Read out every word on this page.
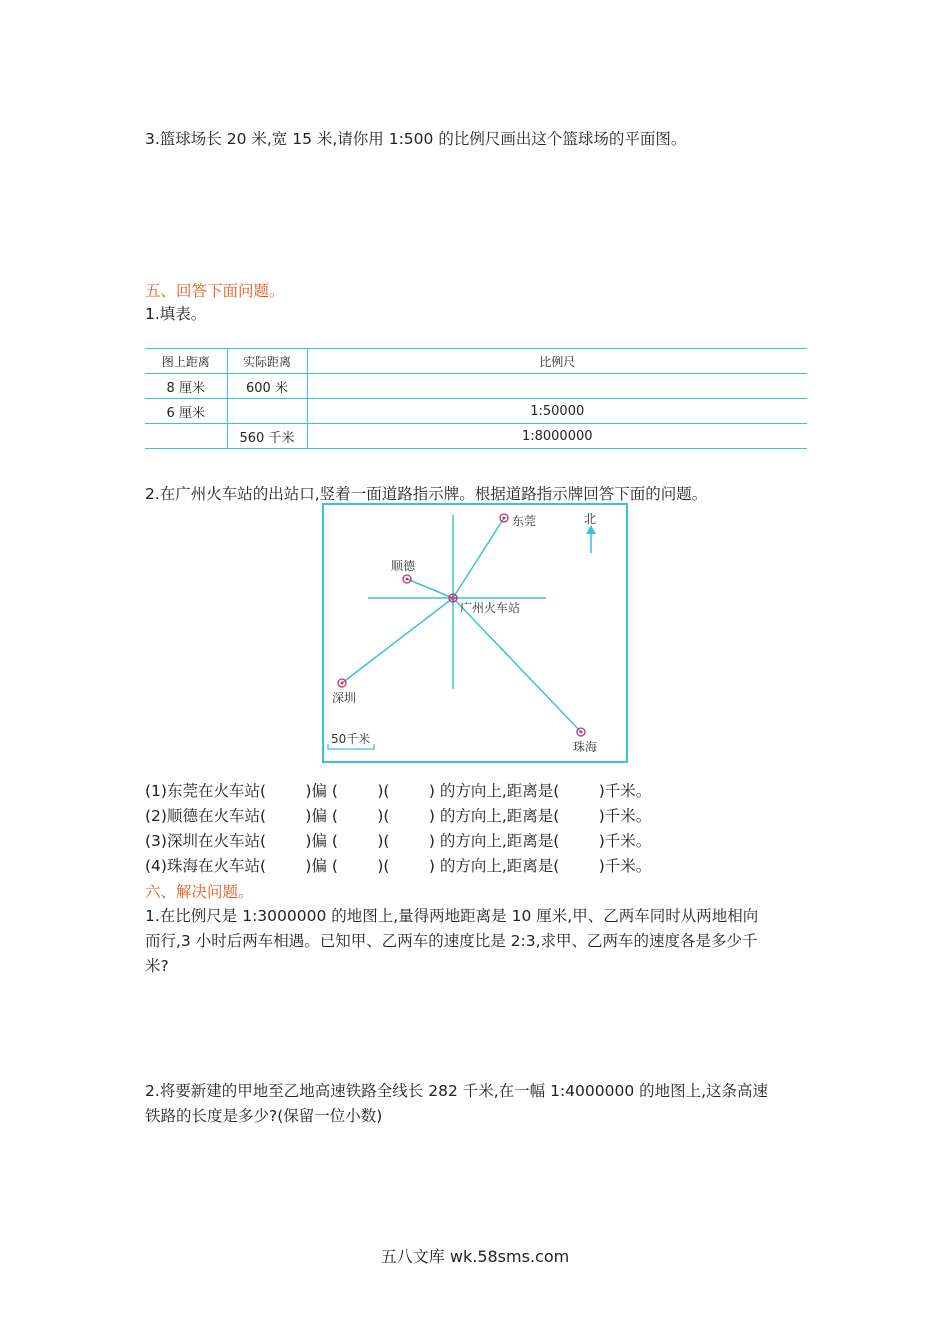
3.篮球场长 20 米,宽 15 米,请你用 1:500 的比例尺画出这个篮球场的平面图。
五、回答下面问题。
1.填表。
图上距离	实际距离	比例尺
8 厘米	600 米	
6 厘米		1:50000
	560 千米	1:8000000
2.在广州火车站的出站口,竖着一面道路指示牌。根据道路指示牌回答下面的问题。
北
东莞
顺德
广州火车站
深圳
珠海
50千米
(1)东莞在火车站(        )偏 (        )(        ) 的方向上,距离是(        )千米。
(2)顺德在火车站(        )偏 (        )(        ) 的方向上,距离是(        )千米。
(3)深圳在火车站(        )偏 (        )(        ) 的方向上,距离是(        )千米。
(4)珠海在火车站(        )偏 (        )(        ) 的方向上,距离是(        )千米。
六、解决问题。
1.在比例尺是 1:3000000 的地图上,量得两地距离是 10 厘米,甲、乙两车同时从两地相向
而行,3 小时后两车相遇。已知甲、乙两车的速度比是 2:3,求甲、乙两车的速度各是多少千
米?
2.将要新建的甲地至乙地高速铁路全线长 282 千米,在一幅 1:4000000 的地图上,这条高速
铁路的长度是多少?(保留一位小数)
五八文库 wk.58sms.com
